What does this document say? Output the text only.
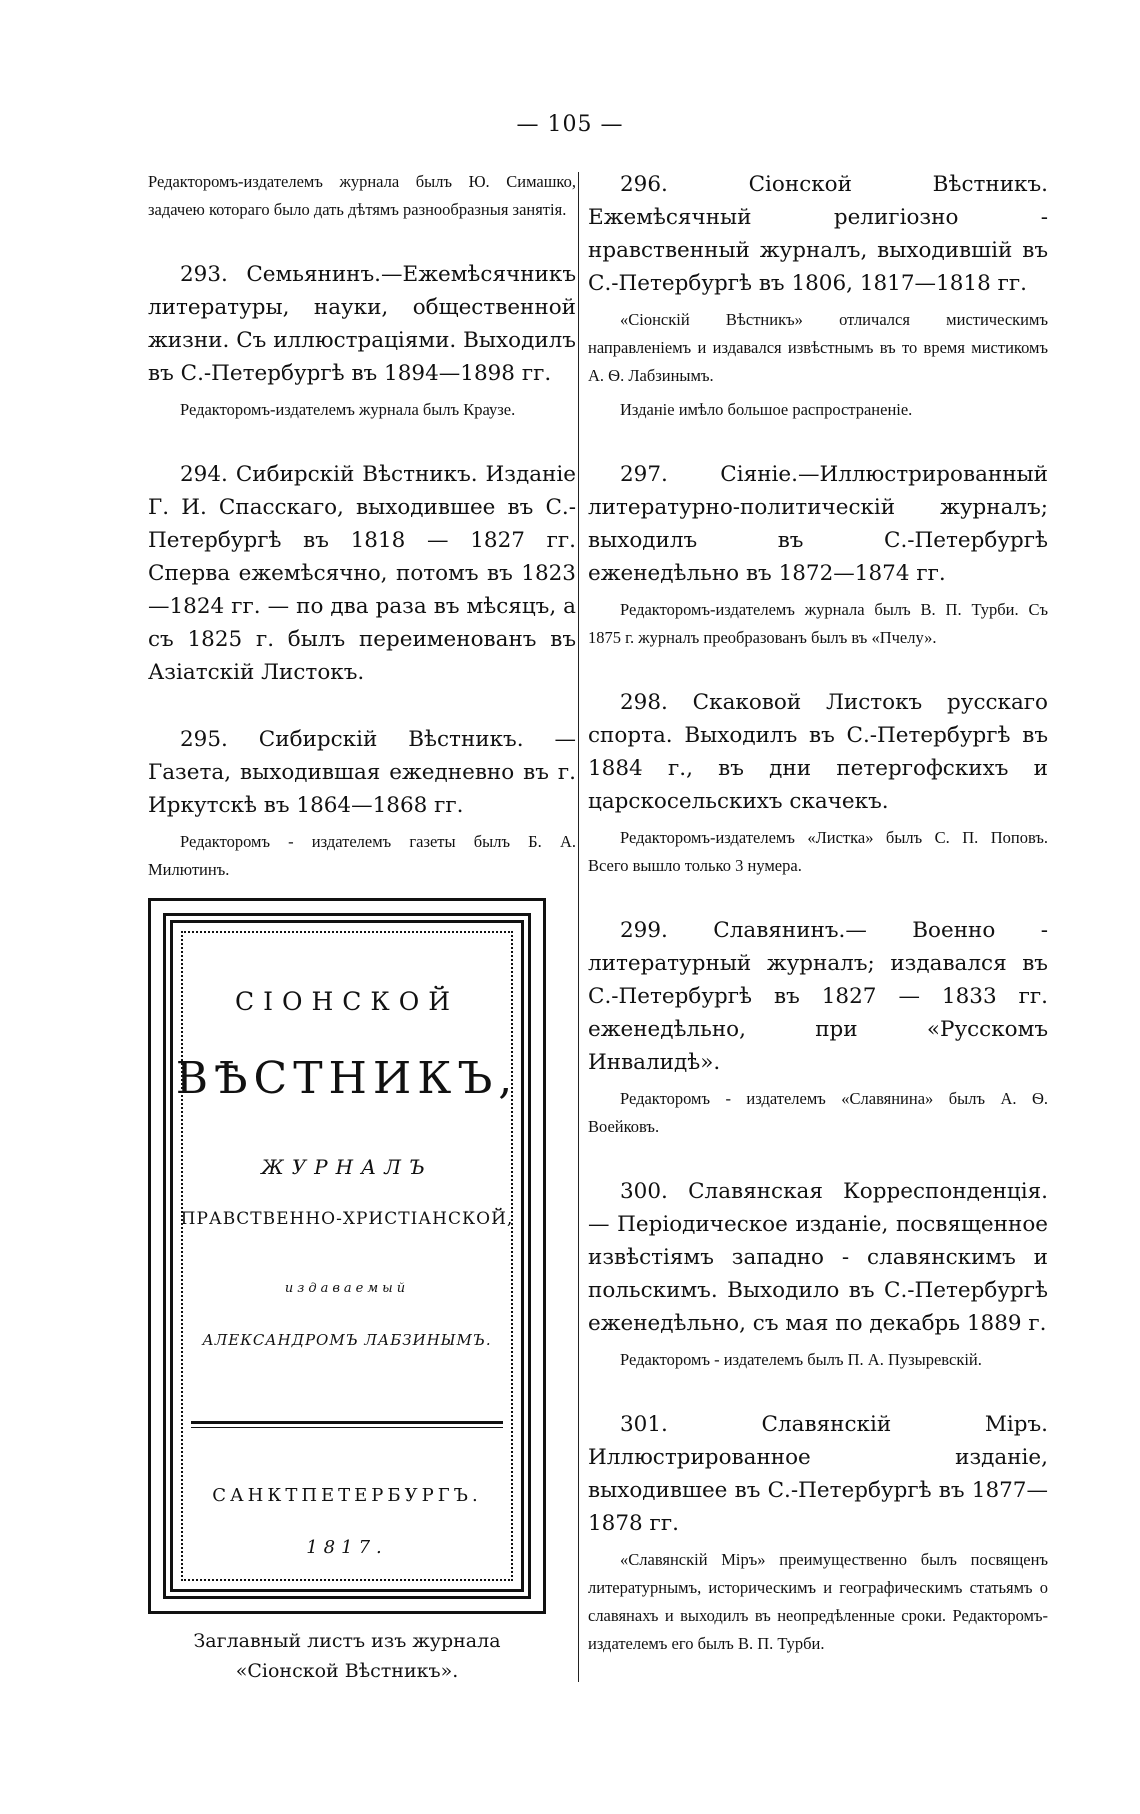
— 105 —

Редакторомъ-издателемъ журнала былъ Ю. Симашко, задачею котораго было дать дѣтямъ разнообразныя занятія.

293. Семьянинъ.—Ежемѣсячникъ литературы, науки, общественной жизни. Съ иллюстраціями. Выходилъ въ С.-Петербургѣ въ 1894—1898 гг.

Редакторомъ-издателемъ журнала былъ Краузе.

294. Сибирскій Вѣстникъ. Изданіе Г. И. Спасскаго, выходившее въ С.-Петербургѣ въ 1818 — 1827 гг. Сперва ежемѣсячно, потомъ въ 1823—1824 гг. — по два раза въ мѣсяцъ, а съ 1825 г. былъ переименованъ въ Азіатскій Листокъ.

295. Сибирскій Вѣстникъ. — Газета, выходившая ежедневно въ г. Иркутскѣ въ 1864—1868 гг.

Редакторомъ - издателемъ газеты былъ Б. А. Милютинъ.

СІОНСКОЙ
ВѢСТНИКЪ,
ЖУРНАЛЪ
ПРАВСТВЕННО-ХРИСТІАНСКОЙ,
издаваемый
АЛЕКСАНДРОМЪ ЛАБЗИНЫМЪ.
САНКТПЕТЕРБУРГЪ.
1817.
Заглавный листъ изъ журнала
«Сіонской Вѣстникъ».

296. Сіонской Вѣстникъ. Ежемѣсячный религіозно - нравственный журналъ, выходившій въ С.-Петербургѣ въ 1806, 1817—1818 гг.

«Сіонскій Вѣстникъ» отличался мистическимъ направленіемъ и издавался извѣстнымъ въ то время мистикомъ А. Ѳ. Лабзинымъ.

Изданіе имѣло большое распространеніе.

297. Сіяніе.—Иллюстрированный литературно-политическій журналъ; выходилъ въ С.-Петербургѣ еженедѣльно въ 1872—1874 гг.

Редакторомъ-издателемъ журнала былъ В. П. Турби. Съ 1875 г. журналъ преобразованъ былъ въ «Пчелу».

298. Скаковой Листокъ русскаго спорта. Выходилъ въ С.-Петербургѣ въ 1884 г., въ дни петергофскихъ и царскосельскихъ скачекъ.

Редакторомъ-издателемъ «Листка» былъ С. П. Поповъ. Всего вышло только 3 нумера.

299. Славянинъ.— Военно - литературный журналъ; издавался въ С.-Петербургѣ въ 1827 — 1833 гг. еженедѣльно, при «Русскомъ Инвалидѣ».

Редакторомъ - издателемъ «Славянина» былъ А. Ѳ. Воейковъ.

300. Славянская Корреспонденція. — Періодическое изданіе, посвященное извѣстіямъ западно - славянскимъ и польскимъ. Выходило въ С.-Петербургѣ еженедѣльно, съ мая по декабрь 1889 г.

Редакторомъ - издателемъ былъ П. А. Пузыревскій.

301. Славянскій Міръ. Иллюстрированное изданіе, выходившее въ С.-Петербургѣ въ 1877—1878 гг.

«Славянскій Міръ» преимущественно былъ посвященъ литературнымъ, историческимъ и географическимъ статьямъ о славянахъ и выходилъ въ неопредѣленные сроки. Редакторомъ-издателемъ его былъ В. П. Турби.
